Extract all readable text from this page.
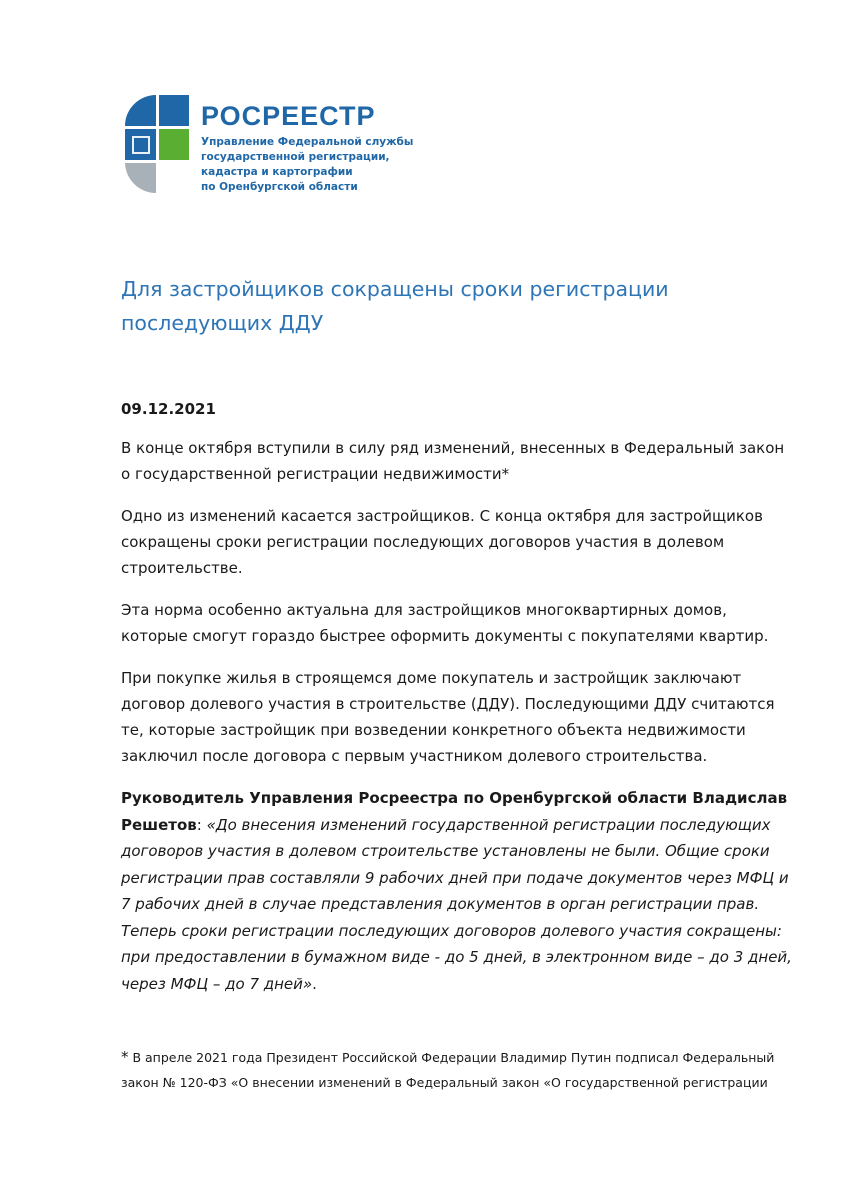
РОСРЕЕСТР
Управление Федеральной службы
государственной регистрации,
кадастра и картографии
по Оренбургской области
Для застройщиков сокращены сроки регистрации последующих ДДУ
09.12.2021

В конце октября вступили в силу ряд изменений, внесенных в Федеральный закон о государственной регистрации недвижимости*

Одно из изменений касается застройщиков. С конца октября для застройщиков сокращены сроки регистрации последующих договоров участия в долевом строительстве.

Эта норма особенно актуальна для застройщиков многоквартирных домов, которые смогут гораздо быстрее оформить документы с покупателями квартир.

При покупке жилья в строящемся доме покупатель и застройщик заключают договор долевого участия в строительстве (ДДУ). Последующими ДДУ считаются те, которые застройщик при возведении конкретного объекта недвижимости заключил после договора с первым участником долевого строительства.

Руководитель Управления Росреестра по Оренбургской области Владислав Решетов: «До внесения изменений государственной регистрации последующих договоров участия в долевом строительстве установлены не были. Общие сроки регистрации прав составляли 9 рабочих дней при подаче документов через МФЦ и 7 рабочих дней в случае представления документов в орган регистрации прав. Теперь сроки регистрации последующих договоров долевого участия сокращены: при предоставлении в бумажном виде - до 5 дней, в электронном виде – до 3 дней, через МФЦ – до 7 дней».

* В апреле 2021 года Президент Российской Федерации Владимир Путин подписал Федеральный закон № 120-ФЗ «О внесении изменений в Федеральный закон «О государственной регистрации
